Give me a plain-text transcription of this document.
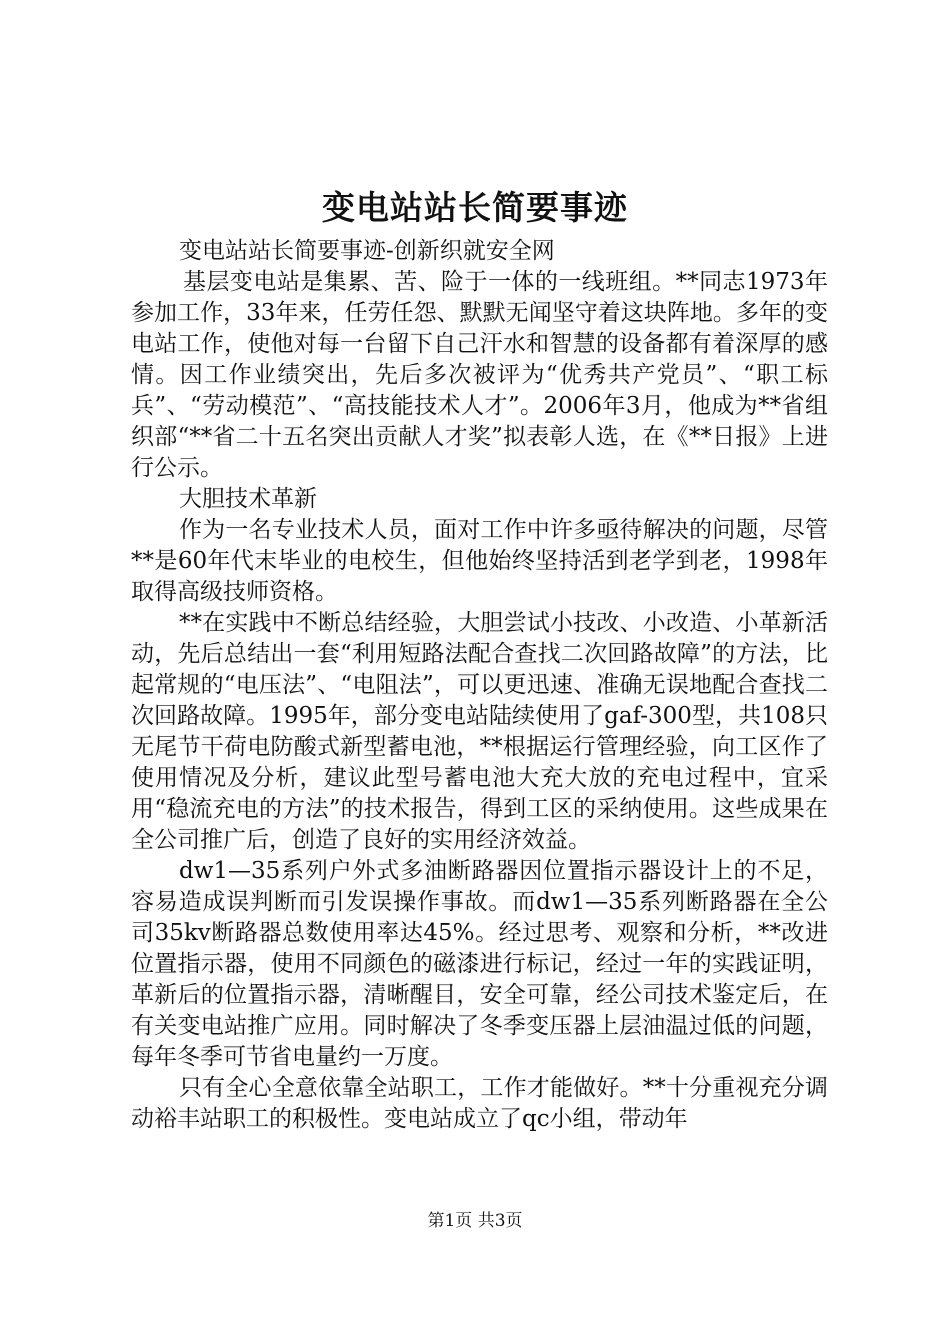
变电站站长简要事迹

变电站站长简要事迹-创新织就安全网

基层变电站是集累、苦、险于一体的一线班组。**同志1973年参加工作，33年来，任劳任怨、默默无闻坚守着这块阵地。多年的变电站工作，使他对每一台留下自己汗水和智慧的设备都有着深厚的感情。因工作业绩突出，先后多次被评为“优秀共产党员”、“职工标兵”、“劳动模范”、“高技能技术人才”。2006年3月，他成为**省组织部“**省二十五名突出贡献人才奖”拟表彰人选，在《**日报》上进行公示。

大胆技术革新

作为一名专业技术人员，面对工作中许多亟待解决的问题，尽管**是60年代末毕业的电校生，但他始终坚持活到老学到老，1998年取得高级技师资格。

**在实践中不断总结经验，大胆尝试小技改、小改造、小革新活动，先后总结出一套“利用短路法配合查找二次回路故障”的方法，比起常规的“电压法”、“电阻法”，可以更迅速、准确无误地配合查找二次回路故障。1995年，部分变电站陆续使用了gaf-300型，共108只无尾节干荷电防酸式新型蓄电池，**根据运行管理经验，向工区作了使用情况及分析，建议此型号蓄电池大充大放的充电过程中，宜采用“稳流充电的方法”的技术报告，得到工区的采纳使用。这些成果在全公司推广后，创造了良好的实用经济效益。

dw1—35系列户外式多油断路器因位置指示器设计上的不足，容易造成误判断而引发误操作事故。而dw1—35系列断路器在全公司35kv断路器总数使用率达45%。经过思考、观察和分析，**改进位置指示器，使用不同颜色的磁漆进行标记，经过一年的实践证明，革新后的位置指示器，清晰醒目，安全可靠，经公司技术鉴定后，在有关变电站推广应用。同时解决了冬季变压器上层油温过低的问题，每年冬季可节省电量约一万度。

只有全心全意依靠全站职工，工作才能做好。**十分重视充分调动裕丰站职工的积极性。变电站成立了qc小组，带动年

第1页 共3页
